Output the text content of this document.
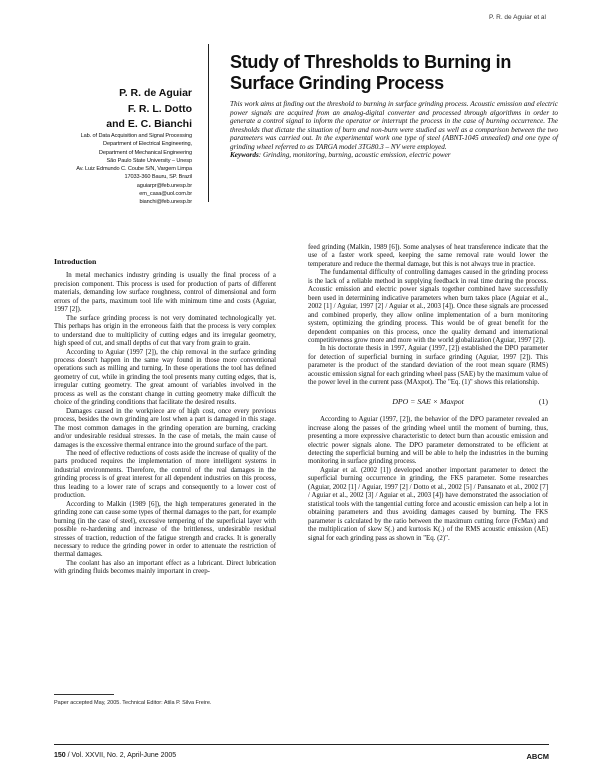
P. R. de Aguiar et al
Study of Thresholds to Burning in Surface Grinding Process
This work aims at finding out the threshold to burning in surface grinding process. Acoustic emission and electric power signals are acquired from an analog-digital converter and processed through algorithms in order to generate a control signal to inform the operator or interrupt the process in the case of burning occurrence. The thresholds that dictate the situation of burn and non-burn were studied as well as a comparison between the two parameters was carried out. In the experimental work one type of steel (ABNT-1045 annealed) and one type of grinding wheel referred to as TARGA model 3TG80.3 – NV were employed.
Keywords: Grinding, monitoring, burning, acoustic emission, electric power
P. R. de Aguiar
F. R. L. Dotto
and E. C. Bianchi
Lab. of Data Acquisition and Signal Processing
Department of Electrical Engineering,
Department of Mechanical Engineering
São Paulo State University – Unesp
Av. Luiz Edmundo C. Coube S/N, Vargem Limpa
17033-360 Bauru, SP. Brazil
aguiarpr@feb.unesp.br
em_casa@uol.com.br
bianchi@feb.unesp.br
Introduction

In metal mechanics industry grinding is usually the final process of a precision component. This process is used for production of parts of different materials, demanding low surface roughness, control of dimensional and form errors of the parts, maximum tool life with minimum time and costs (Aguiar, 1997 [2]).

The surface grinding process is not very dominated technologically yet. This perhaps has origin in the erroneous faith that the process is very complex to understand due to multiplicity of cutting edges and its irregular geometry, high speed of cut, and small depths of cut that vary from grain to grain.

According to Aguiar (1997 [2]), the chip removal in the surface grinding process doesn't happen in the same way found in those more conventional operations such as milling and turning. In these operations the tool has defined geometry of cut, while in grinding the tool presents many cutting edges, that is, irregular cutting geometry. The great amount of variables involved in the process as well as the constant change in cutting geometry make difficult the choice of the grinding conditions that facilitate the desired results.

Damages caused in the workpiece are of high cost, once every previous process, besides the own grinding are lost when a part is damaged in this stage. The most common damages in the grinding operation are burning, cracking and/or undesirable residual stresses. In the case of metals, the main cause of damages is the excessive thermal entrance into the ground surface of the part.

The need of effective reductions of costs aside the increase of quality of the parts produced requires the implementation of more intelligent systems in industrial environments. Therefore, the control of the real damages in the grinding process is of great interest for all dependent industries on this process, thus leading to a lower rate of scraps and consequently to a lower cost of production.

According to Malkin (1989 [6]), the high temperatures generated in the grinding zone can cause some types of thermal damages to the part, for example burning (in the case of steel), excessive tempering of the superficial layer with possible re-hardening and increase of the brittleness, undesirable residual stresses of traction, reduction of the fatigue strength and cracks. It is generally necessary to reduce the grinding power in order to attenuate the restriction of thermal damages.

The coolant has also an important effect as a lubricant. Direct lubrication with grinding fluids becomes mainly important in creep-

feed grinding (Malkin, 1989 [6]). Some analyses of heat transference indicate that the use of a faster work speed, keeping the same removal rate would lower the temperature and reduce the thermal damage, but this is not always true in practice.

The fundamental difficulty of controlling damages caused in the grinding process is the lack of a reliable method in supplying feedback in real time during the process. Acoustic emission and electric power signals together combined have successfully been used in determining indicative parameters when burn takes place (Aguiar et al., 2002 [1] / Aguiar, 1997 [2] / Aguiar et al., 2003 [4]). Once these signals are processed and combined properly, they allow online implementation of a burn monitoring system, optimizing the grinding process. This would be of great benefit for the dependent companies on this process, once the quality demand and international competitiveness grow more and more with the world globalization (Aguiar, 1997 [2]).

In his doctorate thesis in 1997, Aguiar (1997, [2]) established the DPO parameter for detection of superficial burning in surface grinding (Aguiar, 1997 [2]). This parameter is the product of the standard deviation of the root mean square (RMS) acoustic emission signal for each grinding wheel pass (SAE) by the maximum value of the power level in the current pass (MAxpot). The "Eq. (1)" shows this relationship.

DPO = SAE × Maxpot	(1)

According to Aguiar (1997, [2]), the behavior of the DPO parameter revealed an increase along the passes of the grinding wheel until the moment of burning, thus, presenting a more expressive characteristic to detect burn than acoustic emission and electric power signals alone. The DPO parameter demonstrated to be efficient at detecting the superficial burning and will be able to help the industries in the burning monitoring in surface grinding process.

Aguiar et al. (2002 [1]) developed another important parameter to detect the superficial burning occurrence in grinding, the FKS parameter. Some researches (Aguiar, 2002 [1] / Aguiar, 1997 [2] / Dotto et al., 2002 [5] / Pansanato et al., 2002 [7] / Aguiar et al., 2002 [3] / Aguiar et al., 2003 [4]) have demonstrated the association of statistical tools with the tangential cutting force and acoustic emission can help a lot in obtaining parameters and thus avoiding damages caused by burning. The FKS parameter is calculated by the ratio between the maximum cutting force (FcMax) and the multiplication of skew S(.) and kurtosis K(.) of the RMS acoustic emission (AE) signal for each grinding pass as shown in "Eq. (2)".

Paper accepted May, 2005. Technical Editor: Atila P. Silva Freire.
150 / Vol. XXVII, No. 2, April-June 2005	ABCM
